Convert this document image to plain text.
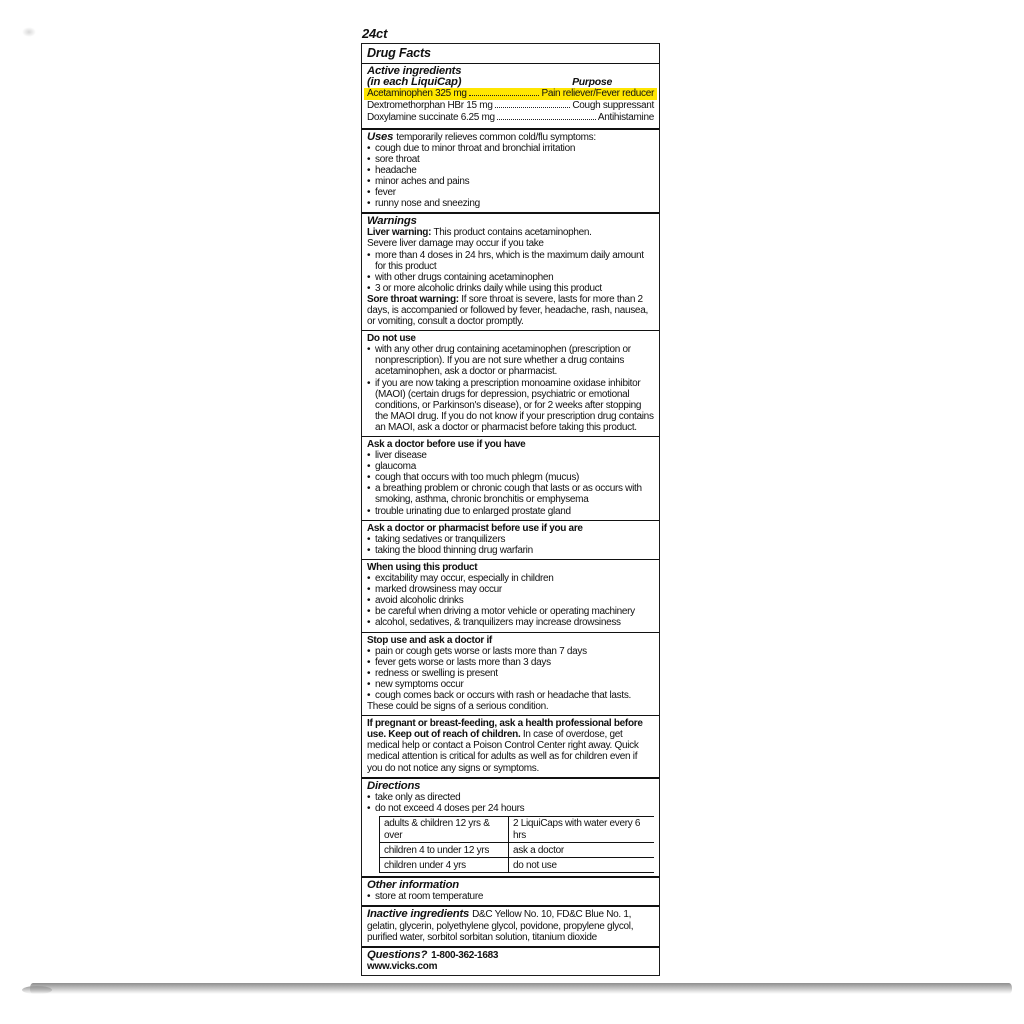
24ct
Drug Facts
Active ingredients
(in each LiquiCap)	Purpose
Acetaminophen 325 mg	Pain reliever/Fever reducer
Dextromethorphan HBr 15 mg	Cough suppressant
Doxylamine succinate 6.25 mg	Antihistamine
Uses temporarily relieves common cold/flu symptoms:
• cough due to minor throat and bronchial irritation
• sore throat
• headache
• minor aches and pains
• fever
• runny nose and sneezing
Warnings
Liver warning: This product contains acetaminophen.
Severe liver damage may occur if you take
• more than 4 doses in 24 hrs, which is the maximum daily amount for this product
• with other drugs containing acetaminophen
• 3 or more alcoholic drinks daily while using this product
Sore throat warning: If sore throat is severe, lasts for more than 2 days, is accompanied or followed by fever, headache, rash, nausea, or vomiting, consult a doctor promptly.
Do not use
• with any other drug containing acetaminophen (prescription or nonprescription). If you are not sure whether a drug contains acetaminophen, ask a doctor or pharmacist.
• if you are now taking a prescription monoamine oxidase inhibitor (MAOI) (certain drugs for depression, psychiatric or emotional conditions, or Parkinson's disease), or for 2 weeks after stopping the MAOI drug. If you do not know if your prescription drug contains an MAOI, ask a doctor or pharmacist before taking this product.
Ask a doctor before use if you have
• liver disease
• glaucoma
• cough that occurs with too much phlegm (mucus)
• a breathing problem or chronic cough that lasts or as occurs with smoking, asthma, chronic bronchitis or emphysema
• trouble urinating due to enlarged prostate gland
Ask a doctor or pharmacist before use if you are
• taking sedatives or tranquilizers
• taking the blood thinning drug warfarin
When using this product
• excitability may occur, especially in children
• marked drowsiness may occur
• avoid alcoholic drinks
• be careful when driving a motor vehicle or operating machinery
• alcohol, sedatives, & tranquilizers may increase drowsiness
Stop use and ask a doctor if
• pain or cough gets worse or lasts more than 7 days
• fever gets worse or lasts more than 3 days
• redness or swelling is present
• new symptoms occur
• cough comes back or occurs with rash or headache that lasts.
These could be signs of a serious condition.
If pregnant or breast-feeding, ask a health professional before use. Keep out of reach of children. In case of overdose, get medical help or contact a Poison Control Center right away. Quick medical attention is critical for adults as well as for children even if you do not notice any signs or symptoms.
Directions
• take only as directed
• do not exceed 4 doses per 24 hours
adults & children 12 yrs & over	2 LiquiCaps with water every 6 hrs
children 4 to under 12 yrs	ask a doctor
children under 4 yrs	do not use
Other information
• store at room temperature
Inactive ingredients D&C Yellow No. 10, FD&C Blue No. 1, gelatin, glycerin, polyethylene glycol, povidone, propylene glycol, purified water, sorbitol sorbitan solution, titanium dioxide
Questions? 1-800-362-1683
www.vicks.com
